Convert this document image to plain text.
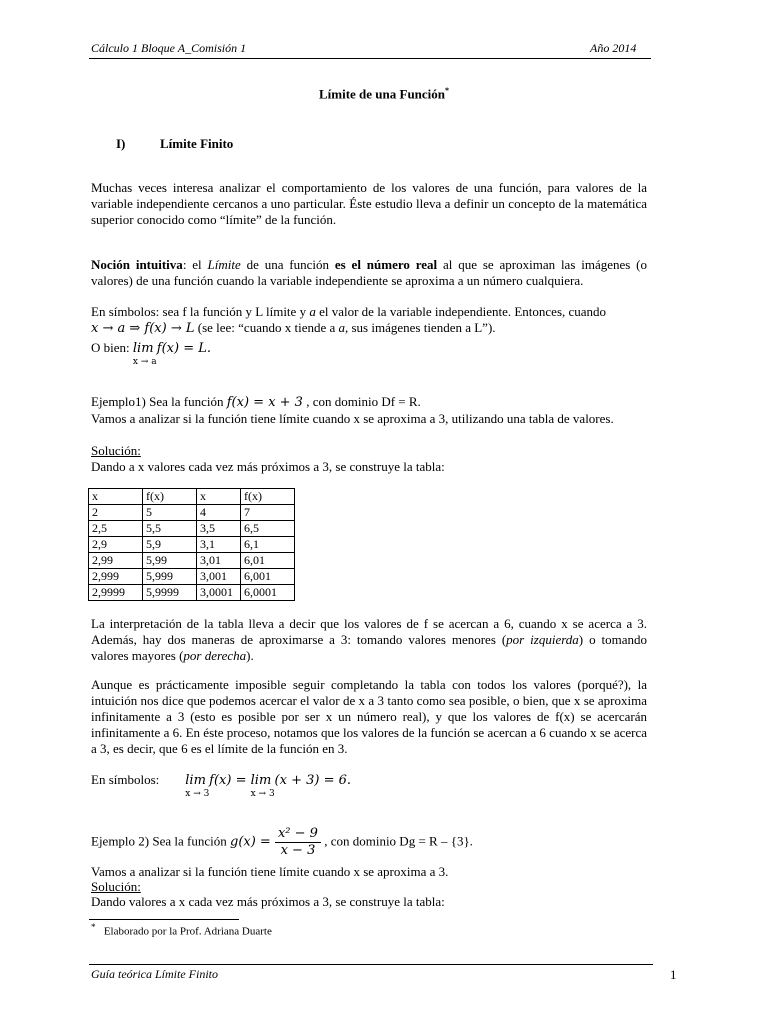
Cálculo 1 Bloque A_Comisión 1	Año 2014
Límite de una Función*
I)	Límite Finito
Muchas veces interesa analizar el comportamiento de los valores de una función, para valores de la variable independiente cercanos a uno particular. Éste estudio lleva a definir un concepto de la matemática superior conocido como “límite” de la función.
Noción intuitiva: el Límite de una función es el número real al que se aproximan las imágenes (o valores) de una función cuando la variable independiente se aproxima a un número cualquiera.
En símbolos: sea f la función y L límite y a el valor de la variable independiente. Entonces, cuando
x → a ⇒ f(x) → L (se lee: “cuando x tiende a a, sus imágenes tienden a L”).
O bien: lim
x → a
f(x) = L.
Ejemplo1) Sea la función f(x) = x + 3 , con dominio Df = R.
Vamos a analizar si la función tiene límite cuando x se aproxima a 3, utilizando una tabla de valores.
Solución:
Dando a x valores cada vez más próximos a 3, se construye la tabla:
x	f(x)	x	f(x)
2	5	4	7
2,5	5,5	3,5	6,5
2,9	5,9	3,1	6,1
2,99	5,99	3,01	6,01
2,999	5,999	3,001	6,001
2,9999	5,9999	3,0001	6,0001
La interpretación de la tabla lleva a decir que los valores de f se acercan a 6, cuando x se acerca a 3. Además, hay dos maneras de aproximarse a 3: tomando valores menores (por izquierda) o tomando valores mayores (por derecha).
Aunque es prácticamente imposible seguir completando la tabla con todos los valores (porqué?), la intuición nos dice que podemos acercar el valor de x a 3 tanto como sea posible, o bien, que x se aproxima infinitamente a 3 (esto es posible por ser x un número real), y que los valores de f(x) se acercarán infinitamente a 6. En éste proceso, notamos que los valores de la función se acercan a 6 cuando x se acerca a 3, es decir, que 6 es el límite de la función en 3.
En símbolos: lim
x → 3
f(x) = lim
x → 3
(x + 3) = 6.
Ejemplo 2) Sea la función $g(x) = \frac{\text{x² − 9}}{x - 3}$ , con dominio Dg = R – {3}.
Vamos a analizar si la función tiene límite cuando x se aproxima a 3.
Solución:
Dando valores a x cada vez más próximos a 3, se construye la tabla:
* Elaborado por la Prof. Adriana Duarte
Guía teórica Límite Finito	1
